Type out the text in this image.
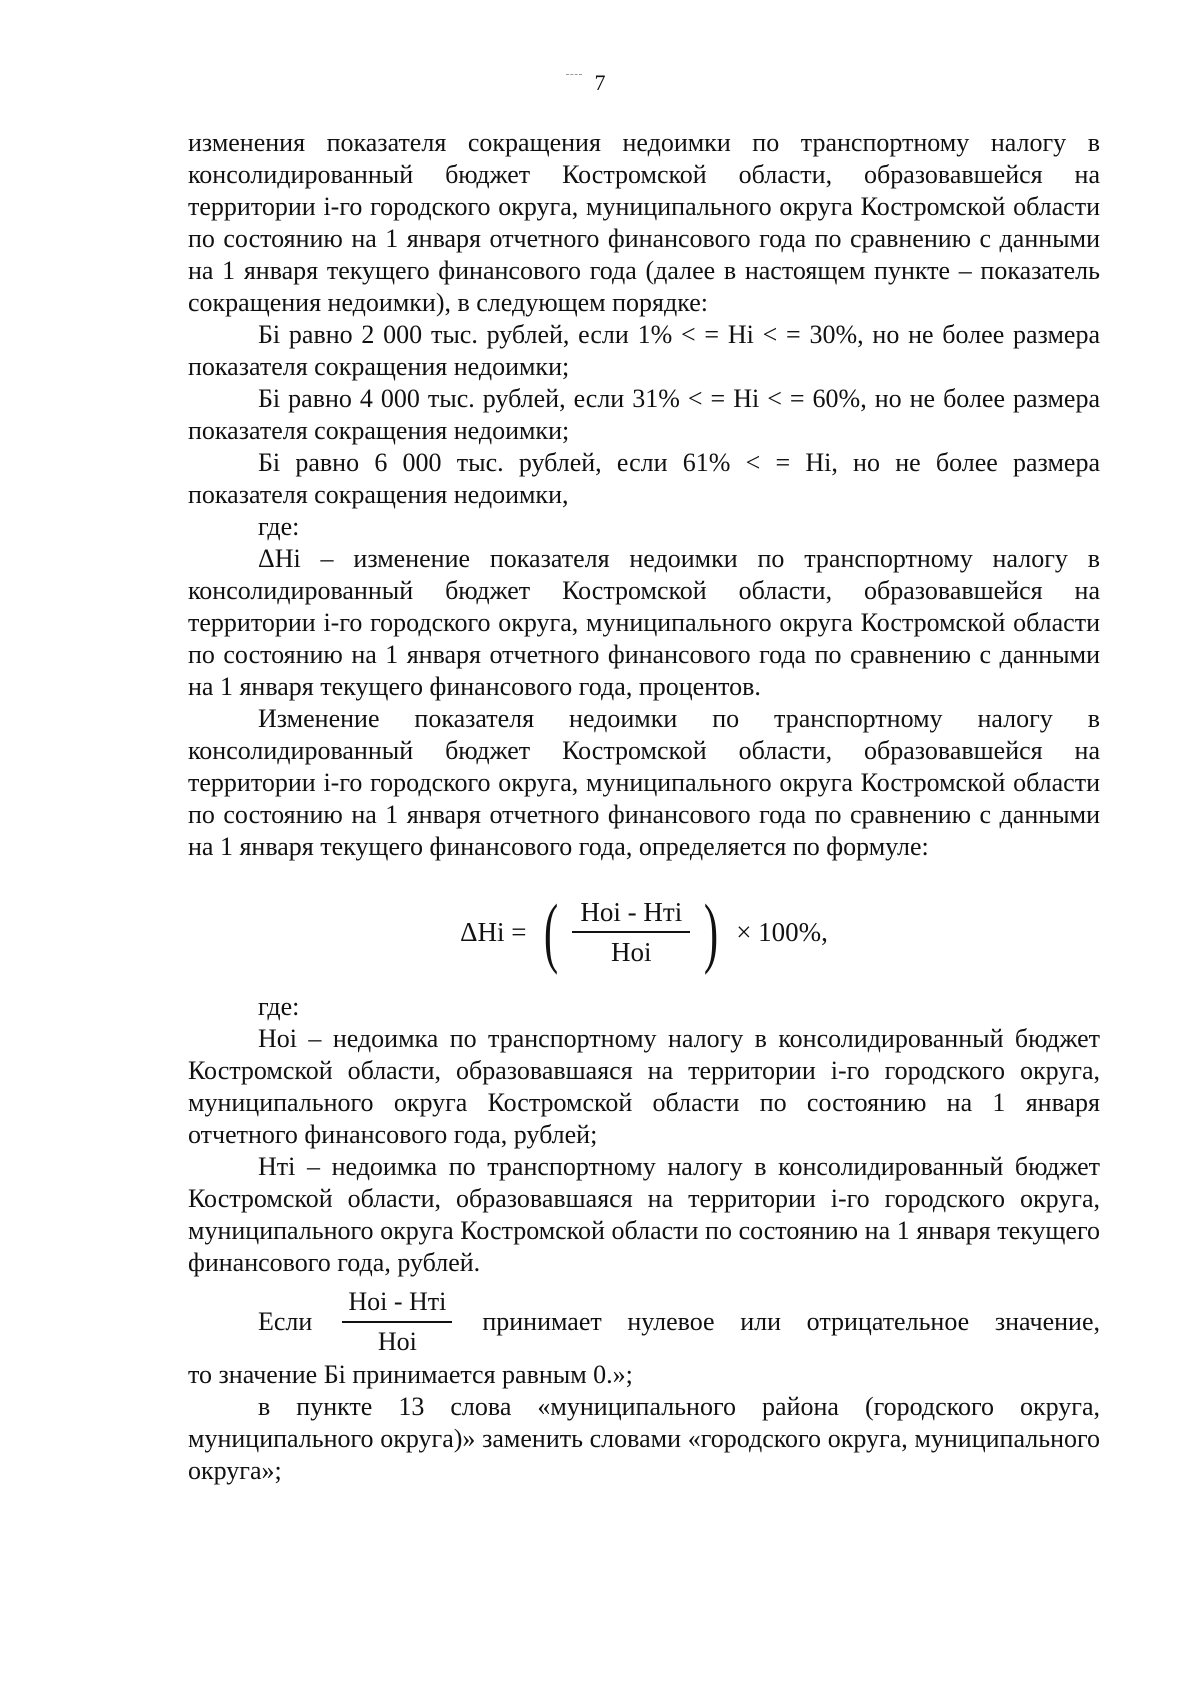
7

изменения показателя сокращения недоимки по транспортному налогу в консолидированный бюджет Костромской области, образовавшейся на территории i-го городского округа, муниципального округа Костромской области по состоянию на 1 января отчетного финансового года по сравнению с данными на 1 января текущего финансового года (далее в настоящем пункте – показатель сокращения недоимки), в следующем порядке:

Бi равно 2 000 тыс. рублей, если 1% < = Hi < = 30%, но не более размера показателя сокращения недоимки;

Бi равно 4 000 тыс. рублей, если 31% < = Hi < = 60%, но не более размера показателя сокращения недоимки;

Бi равно 6 000 тыс. рублей, если 61% < = Hi, но не более размера показателя сокращения недоимки,

где:

ΔHi – изменение показателя недоимки по транспортному налогу в консолидированный бюджет Костромской области, образовавшейся на территории i-го городского округа, муниципального округа Костромской области по состоянию на 1 января отчетного финансового года по сравнению с данными на 1 января текущего финансового года, процентов.

Изменение показателя недоимки по транспортному налогу в консолидированный бюджет Костромской области, образовавшейся на территории i-го городского округа, муниципального округа Костромской области по состоянию на 1 января отчетного финансового года по сравнению с данными на 1 января текущего финансового года, определяется по формуле:

ΔHi = ( $\frac{\text{Hoi - Hтi}}{\text{Hoi}}$ ) × 100%,

где:

Hoi – недоимка по транспортному налогу в консолидированный бюджет Костромской области, образовавшаяся на территории i-го городского округа, муниципального округа Костромской области по состоянию на 1 января отчетного финансового года, рублей;

Hтi – недоимка по транспортному налогу в консолидированный бюджет Костромской области, образовавшаяся на территории i-го городского округа, муниципального округа Костромской области по состоянию на 1 января текущего финансового года, рублей.

Если $\frac{\text{Hoi - Hтi}}{\text{Hoi}}$ принимает нулевое или отрицательное значение,

то значение Бi принимается равным 0.»;

в пункте 13 слова «муниципального района (городского округа, муниципального округа)» заменить словами «городского округа, муниципального округа»;
